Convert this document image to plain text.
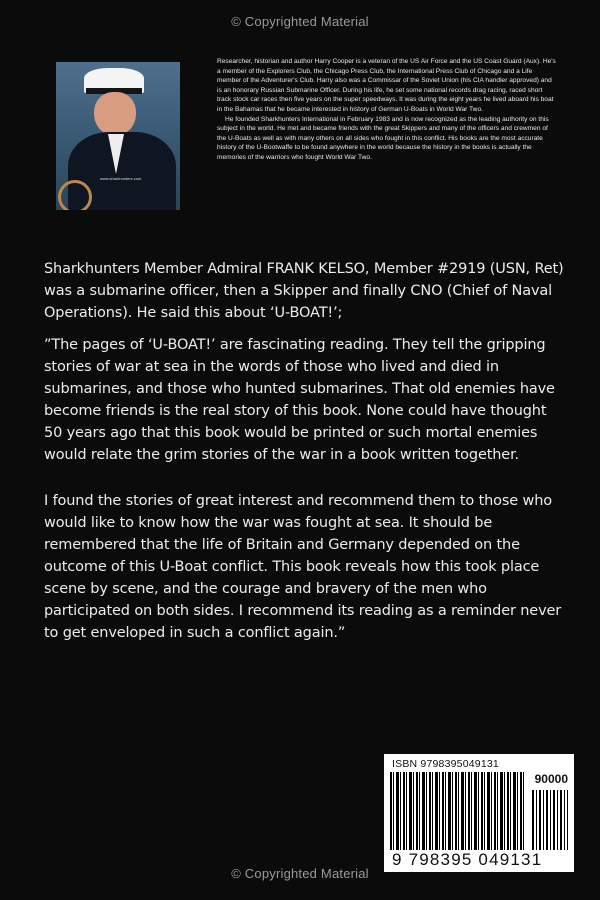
© Copyrighted Material
www.sharkhunters.com

Researcher, historian and author Harry Cooper is a veteran of the US Air Force and the US Coast Guard (Aux). He's a member of the Explorers Club, the Chicago Press Club, the International Press Club of Chicago and a Life member of the Adventurer's Club. Harry also was a Commissar of the Soviet Union (his CIA handler approved) and is an honorary Russian Submarine Officer. During his life, he set some national records drag racing, raced short track stock car races then five years on the super speedways. It was during the eight years he lived aboard his boat in the Bahamas that he became interested in history of German U-Boats in World War Two.

He founded Sharkhunters International in February 1983 and is now recognized as the leading authority on this subject in the world. He met and became friends with the great Skippers and many of the officers and crewmen of the U-Boats as well as with many others on all sides who fought in this conflict. His books are the most accurate history of the U-Bootwaffe to be found anywhere in the world because the history in the books is actually the memories of the warriors who fought World War Two.

Sharkhunters Member Admiral FRANK KELSO, Member #2919 (USN, Ret) was a submarine officer, then a Skipper and finally CNO (Chief of Naval Operations). He said this about ‘U-BOAT!’;

”The pages of ‘U-BOAT!’ are fascinating reading. They tell the gripping stories of war at sea in the words of those who lived and died in submarines, and those who hunted submarines. That old enemies have become friends is the real story of this book. None could have thought 50 years ago that this book would be printed or such mortal enemies would relate the grim stories of the war in a book written together.

I found the stories of great interest and recommend them to those who would like to know how the war was fought at sea. It should be remembered that the life of Britain and Germany depended on the outcome of this U-Boat conflict. This book reveals how this took place scene by scene, and the courage and bravery of the men who participated on both sides. I recommend its reading as a reminder never to get enveloped in such a conflict again.”

ISBN 9798395049131
90000
9 798395 049131
© Copyrighted Material
